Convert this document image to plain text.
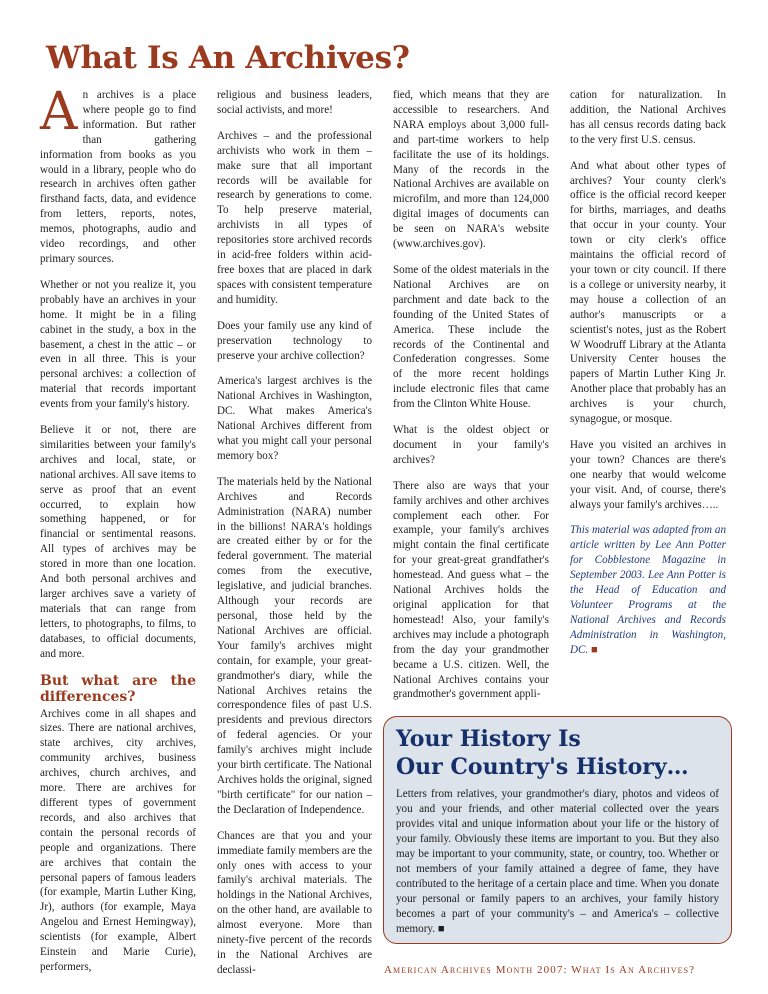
What Is An Archives?

An archives is a place where people go to find information. But rather than gathering information from books as you would in a library, people who do research in archives often gather firsthand facts, data, and evidence from letters, reports, notes, memos, photographs, audio and video recordings, and other primary sources.

Whether or not you realize it, you probably have an archives in your home. It might be in a filing cabinet in the study, a box in the basement, a chest in the attic – or even in all three. This is your personal archives: a collection of material that records important events from your family's history.

Believe it or not, there are similarities between your family's archives and local, state, or national archives. All save items to serve as proof that an event occurred, to explain how something happened, or for financial or sentimental reasons. All types of archives may be stored in more than one location. And both personal archives and larger archives save a variety of materials that can range from letters, to photographs, to films, to databases, to official documents, and more.

But what are the differences?

Archives come in all shapes and sizes. There are national archives, state archives, city archives, community archives, business archives, church archives, and more. There are archives for different types of government records, and also archives that contain the personal records of people and organizations. There are archives that contain the personal papers of famous leaders (for example, Martin Luther King, Jr), authors (for example, Maya Angelou and Ernest Hemingway), scientists (for example, Albert Einstein and Marie Curie), performers,

religious and business leaders, social activists, and more!

Archives – and the professional archivists who work in them – make sure that all important records will be available for research by generations to come. To help preserve material, archivists in all types of repositories store archived records in acid-free folders within acid-free boxes that are placed in dark spaces with consistent temperature and humidity.

Does your family use any kind of preservation technology to preserve your archive collection?

America's largest archives is the National Archives in Washington, DC. What makes America's National Archives different from what you might call your personal memory box?

The materials held by the National Archives and Records Administration (NARA) number in the billions! NARA's holdings are created either by or for the federal government. The material comes from the executive, legislative, and judicial branches. Although your records are personal, those held by the National Archives are official. Your family's archives might contain, for example, your great-grandmother's diary, while the National Archives retains the correspondence files of past U.S. presidents and previous directors of federal agencies. Or your family's archives might include your birth certificate. The National Archives holds the original, signed "birth certificate" for our nation – the Declaration of Independence.

Chances are that you and your immediate family members are the only ones with access to your family's archival materials. The holdings in the National Archives, on the other hand, are available to almost everyone. More than ninety-five percent of the records in the National Archives are declassi-

fied, which means that they are accessible to researchers. And NARA employs about 3,000 full- and part-time workers to help facilitate the use of its holdings. Many of the records in the National Archives are available on microfilm, and more than 124,000 digital images of documents can be seen on NARA's website (www.archives.gov).

Some of the oldest materials in the National Archives are on parchment and date back to the founding of the United States of America. These include the records of the Continental and Confederation congresses. Some of the more recent holdings include electronic files that came from the Clinton White House.

What is the oldest object or document in your family's archives?

There also are ways that your family archives and other archives complement each other. For example, your family's archives might contain the final certificate for your great-great grandfather's homestead. And guess what – the National Archives holds the original application for that homestead! Also, your family's archives may include a photograph from the day your grandmother became a U.S. citizen. Well, the National Archives contains your grandmother's government appli-

cation for naturalization. In addition, the National Archives has all census records dating back to the very first U.S. census.

And what about other types of archives? Your county clerk's office is the official record keeper for births, marriages, and deaths that occur in your county. Your town or city clerk's office maintains the official record of your town or city council. If there is a college or university nearby, it may house a collection of an author's manuscripts or a scientist's notes, just as the Robert W Woodruff Library at the Atlanta University Center houses the papers of Martin Luther King Jr. Another place that probably has an archives is your church, synagogue, or mosque.

Have you visited an archives in your town? Chances are there's one nearby that would welcome your visit. And, of course, there's always your family's archives…..

This material was adapted from an article written by Lee Ann Potter for Cobblestone Magazine in September 2003. Lee Ann Potter is the Head of Education and Volunteer Programs at the National Archives and Records Administration in Washington, DC. ■

Your History Is
Our Country's History…

Letters from relatives, your grandmother's diary, photos and videos of you and your friends, and other material collected over the years provides vital and unique information about your life or the history of your family. Obviously these items are important to you. But they also may be important to your community, state, or country, too. Whether or not members of your family attained a degree of fame, they have contributed to the heritage of a certain place and time. When you donate your personal or family papers to an archives, your family history becomes a part of your community's – and America's – collective memory. ■

American Archives Month 2007: What Is An Archives?
